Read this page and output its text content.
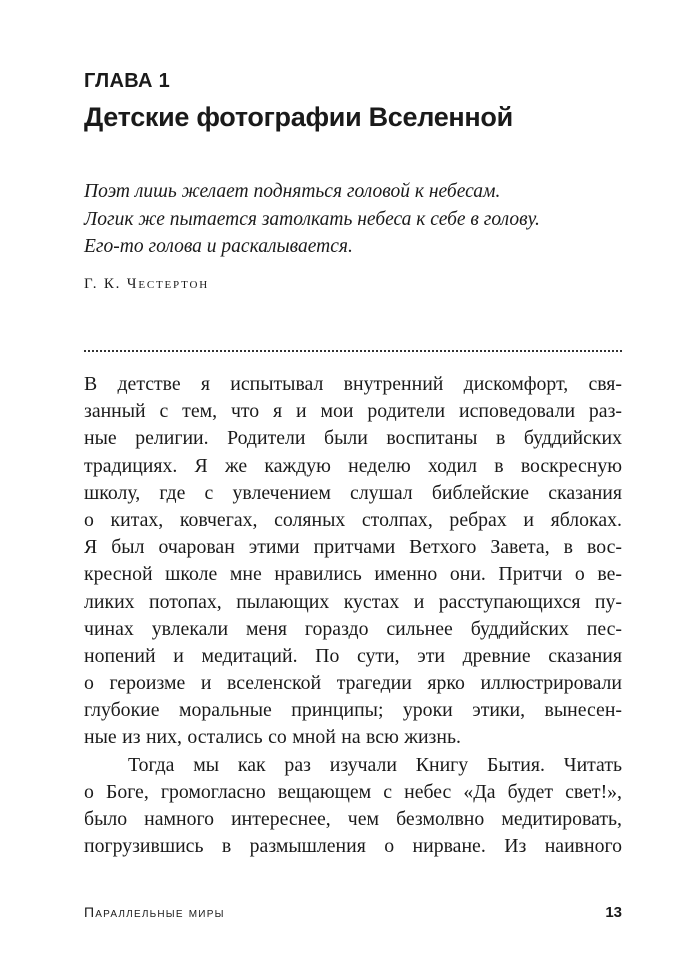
ГЛАВА 1
Детские фотографии Вселенной
Поэт лишь желает подняться головой к небесам.
Логик же пытается затолкать небеса к себе в голову.
Его-то голова и раскалывается.
Г. К. Честертон
В детстве я испытывал внутренний дискомфорт, свя-
занный с тем, что я и мои родители исповедовали раз-
ные религии. Родители были воспитаны в буддийских
традициях. Я же каждую неделю ходил в воскресную
школу, где с увлечением слушал библейские сказания
о китах, ковчегах, соляных столпах, ребрах и яблоках.
Я был очарован этими притчами Ветхого Завета, в вос-
кресной школе мне нравились именно они. Притчи о ве-
ликих потопах, пылающих кустах и расступающихся пу-
чинах увлекали меня гораздо сильнее буддийских пес-
нопений и медитаций. По сути, эти древние сказания
о героизме и вселенской трагедии ярко иллюстрировали
глубокие моральные принципы; уроки этики, вынесен-
ные из них, остались со мной на всю жизнь.
Тогда мы как раз изучали Книгу Бытия. Читать
о Боге, громогласно вещающем с небес «Да будет свет!»,
было намного интереснее, чем безмолвно медитировать,
погрузившись в размышления о нирване. Из наивного
Параллельные миры	13
